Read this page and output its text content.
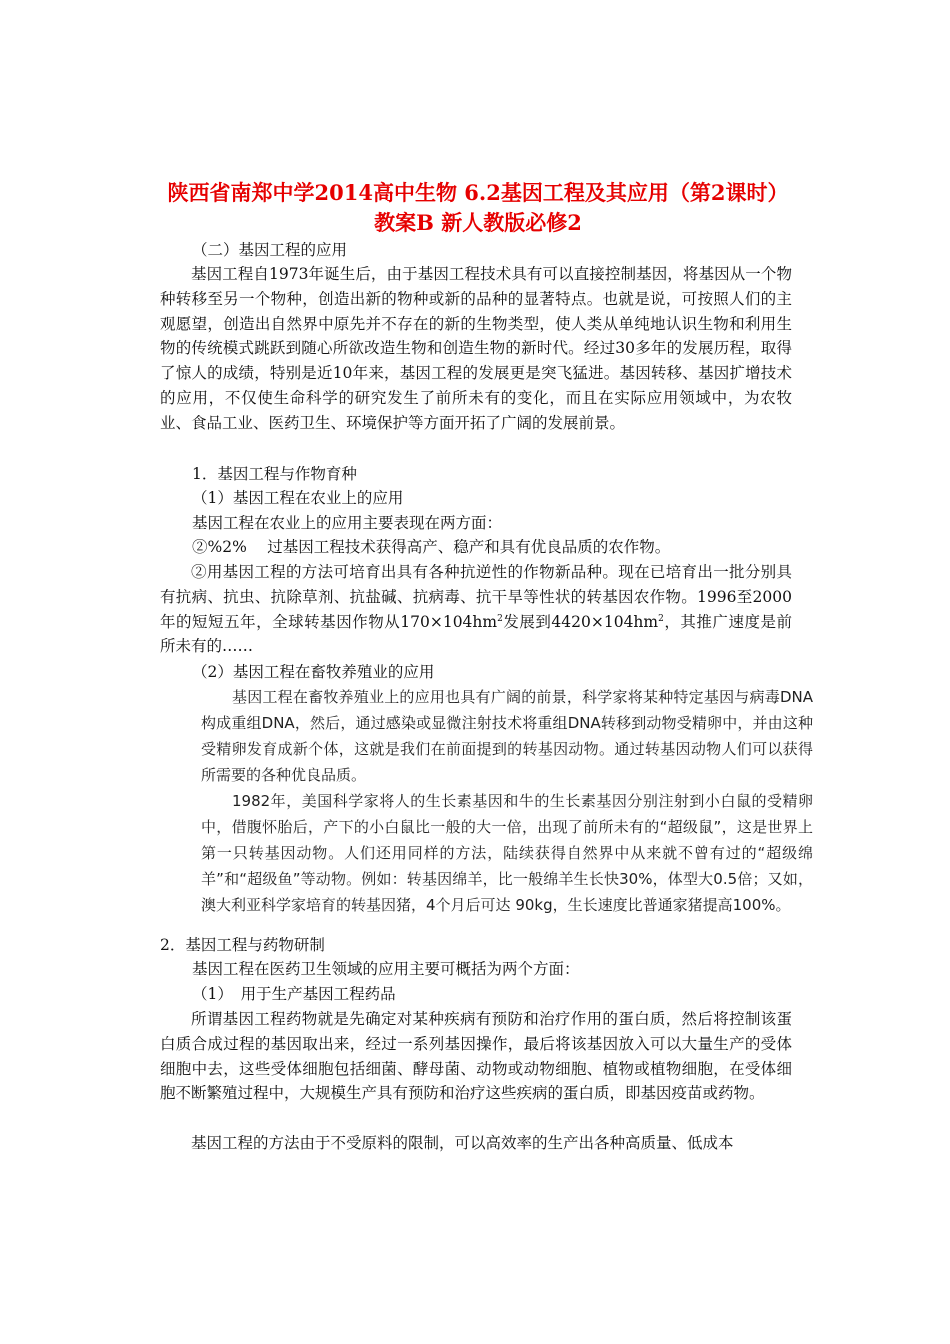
陕西省南郑中学2014高中生物 6.2基因工程及其应用（第2课时）教案B 新人教版必修2

（二）基因工程的应用

基因工程自1973年诞生后，由于基因工程技术具有可以直接控制基因，将基因从一个物种转移至另一个物种，创造出新的物种或新的品种的显著特点。也就是说，可按照人们的主观愿望，创造出自然界中原先并不存在的新的生物类型，使人类从单纯地认识生物和利用生物的传统模式跳跃到随心所欲改造生物和创造生物的新时代。经过30多年的发展历程，取得了惊人的成绩，特别是近10年来，基因工程的发展更是突飞猛进。基因转移、基因扩增技术的应用，不仅使生命科学的研究发生了前所未有的变化，而且在实际应用领域中，为农牧业、食品工业、医药卫生、环境保护等方面开拓了广阔的发展前景。

1．基因工程与作物育种

（1）基因工程在农业上的应用

基因工程在农业上的应用主要表现在两方面：

②%2%　 过基因工程技术获得高产、稳产和具有优良品质的农作物。

②用基因工程的方法可培育出具有各种抗逆性的作物新品种。现在已培育出一批分别具有抗病、抗虫、抗除草剂、抗盐碱、抗病毒、抗干旱等性状的转基因农作物。1996至2000年的短短五年，全球转基因作物从$170\times 104hm^2$发展到$4420\times 104hm^2$，其推广速度是前所未有的……

（2）基因工程在畜牧养殖业的应用

基因工程在畜牧养殖业上的应用也具有广阔的前景，科学家将某种特定基因与病毒DNA构成重组DNA，然后，通过感染或显微注射技术将重组DNA转移到动物受精卵中，并由这种受精卵发育成新个体，这就是我们在前面提到的转基因动物。通过转基因动物人们可以获得所需要的各种优良品质。

1982年，美国科学家将人的生长素基因和牛的生长素基因分别注射到小白鼠的受精卵中，借腹怀胎后，产下的小白鼠比一般的大一倍，出现了前所未有的“超级鼠”，这是世界上第一只转基因动物。人们还用同样的方法，陆续获得自然界中从来就不曾有过的“超级绵羊”和“超级鱼”等动物。例如：转基因绵羊，比一般绵羊生长快30%，体型大0.5倍；又如，澳大利亚科学家培育的转基因猪，4个月后可达 90kg，生长速度比普通家猪提高100%。

2．基因工程与药物研制

基因工程在医药卫生领域的应用主要可概括为两个方面：

（1）　用于生产基因工程药品

所谓基因工程药物就是先确定对某种疾病有预防和治疗作用的蛋白质，然后将控制该蛋白质合成过程的基因取出来，经过一系列基因操作，最后将该基因放入可以大量生产的受体细胞中去，这些受体细胞包括细菌、酵母菌、动物或动物细胞、植物或植物细胞，在受体细胞不断繁殖过程中，大规模生产具有预防和治疗这些疾病的蛋白质，即基因疫苗或药物。

基因工程的方法由于不受原料的限制，可以高效率的生产出各种高质量、低成本
